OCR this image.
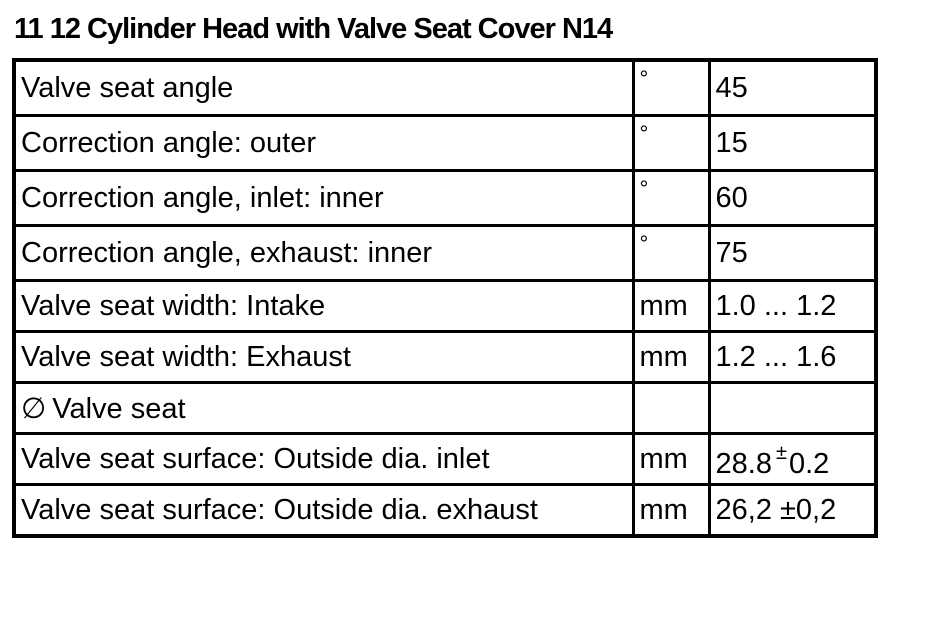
11 12 Cylinder Head with Valve Seat Cover N14
Valve seat angle	°	45
Correction angle: outer	°	15
Correction angle, inlet: inner	°	60
Correction angle, exhaust: inner	°	75
Valve seat width: Intake	mm	1.0 ... 1.2
Valve seat width: Exhaust	mm	1.2 ... 1.6
∅ Valve seat		
Valve seat surface: Outside dia. inlet	mm	28.8 ±0.2
Valve seat surface: Outside dia. exhaust	mm	26,2 ±0,2
